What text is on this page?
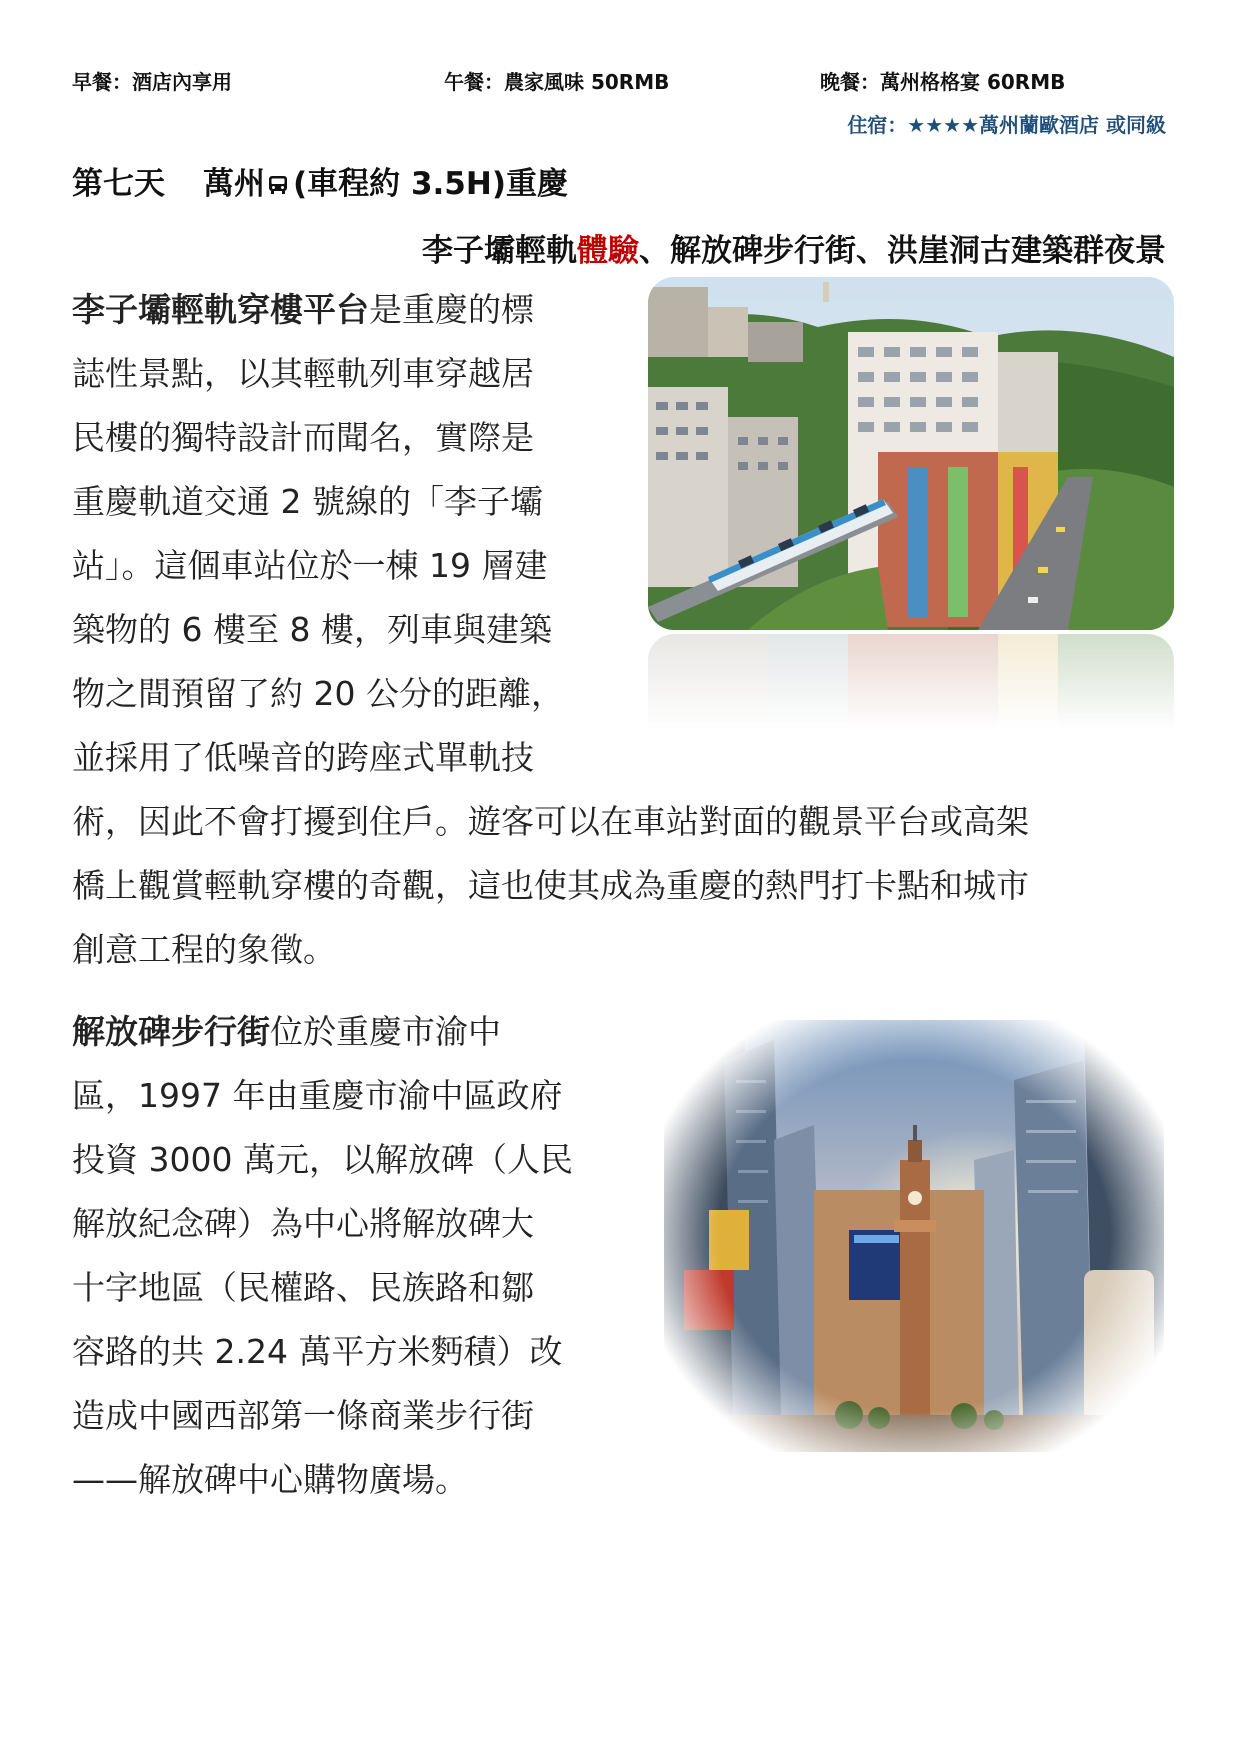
早餐：酒店內享用	午餐：農家風味 50RMB	晚餐：萬州格格宴 60RMB
住宿：★★★★萬州蘭歐酒店 或同級
第七天 萬州 (車程約 3.5H)重慶
李子壩輕軌體驗、解放碑步行街、洪崖洞古建築群夜景
李子壩輕軌穿樓平台是重慶的標
誌性景點，以其輕軌列車穿越居
民樓的獨特設計而聞名，實際是
重慶軌道交通 2 號線的「李子壩
站」。這個車站位於一棟 19 層建
築物的 6 樓至 8 樓，列車與建築
物之間預留了約 20 公分的距離，
並採用了低噪音的跨座式單軌技
術，因此不會打擾到住戶。遊客可以在車站對面的觀景平台或高架
橋上觀賞輕軌穿樓的奇觀，這也使其成為重慶的熱門打卡點和城市
創意工程的象徵。
解放碑步行街位於重慶市渝中
區，1997 年由重慶市渝中區政府
投資 3000 萬元，以解放碑（人民
解放紀念碑）為中心將解放碑大
十字地區（民權路、民族路和鄒
容路的共 2.24 萬平方米麪積）改
造成中國西部第一條商業步行街
——解放碑中心購物廣場。
